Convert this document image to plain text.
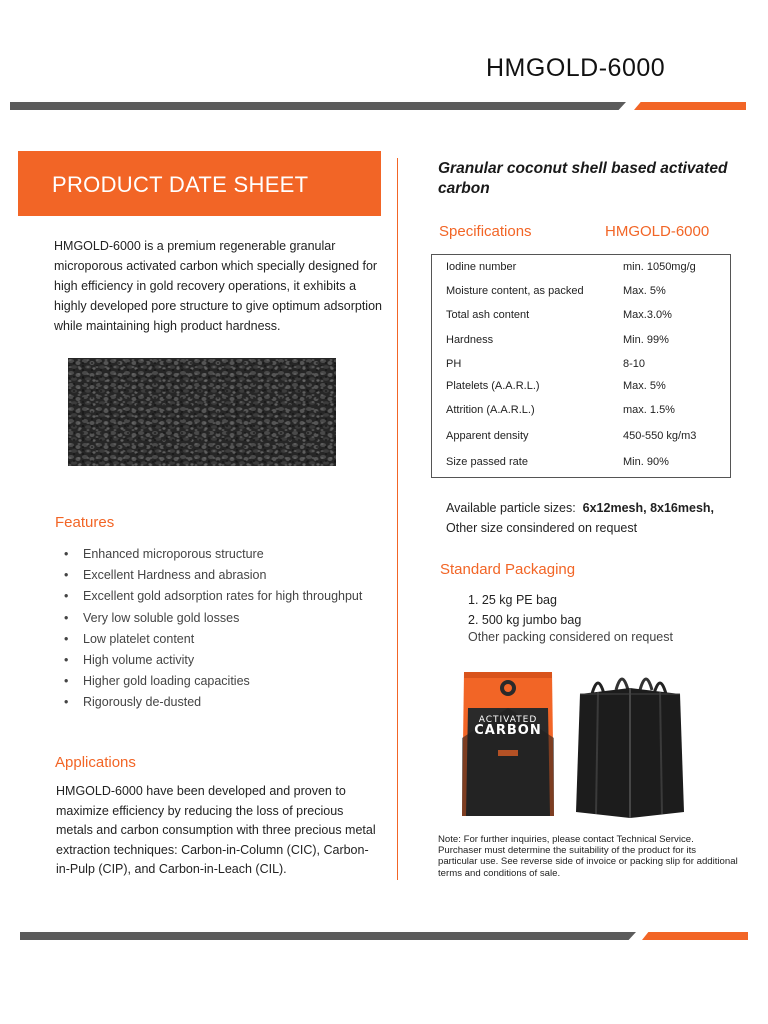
HMGOLD-6000
PRODUCT DATE SHEET

HMGOLD-6000 is a premium regenerable granular microporous activated carbon which specially designed for high efficiency in gold recovery operations, it exhibits a highly developed pore structure to give optimum adsorption while maintaining high product hardness.

Features
• Enhanced microporous structure
• Excellent Hardness and abrasion
• Excellent gold adsorption rates for high throughput
• Very low soluble gold losses
• Low platelet content
• High volume activity
• Higher gold loading capacities
• Rigorously de-dusted
Applications

HMGOLD-6000 have been developed and proven to maximize efficiency by reducing the loss of precious metals and carbon consumption with three precious metal extraction techniques: Carbon-in-Column (CIC), Carbon-in-Pulp (CIP), and Carbon-in-Leach (CIL).

Granular coconut shell based activated carbon
Specifications	HMGOLD-6000
Iodine number	min. 1050mg/g
Moisture content, as packed	Max. 5%
Total ash content	Max.3.0%
Hardness	Min. 99%
PH	8-10
Platelets (A.A.R.L.)	Max. 5%
Attrition (A.A.R.L.)	max. 1.5%
Apparent density	450-550 kg/m3
Size passed rate	Min. 90%
Available particle sizes: 6x12mesh, 8x16mesh,
Other size consindered on request
Standard Packaging
1. 25 kg PE bag
2. 500 kg jumbo bag
Other packing considered on request
ACTIVATED
CARBON

Note: For further inquiries, please contact Technical Service. Purchaser must determine the suitability of the product for its particular use. See reverse side of invoice or packing slip for additional terms and conditions of sale.
